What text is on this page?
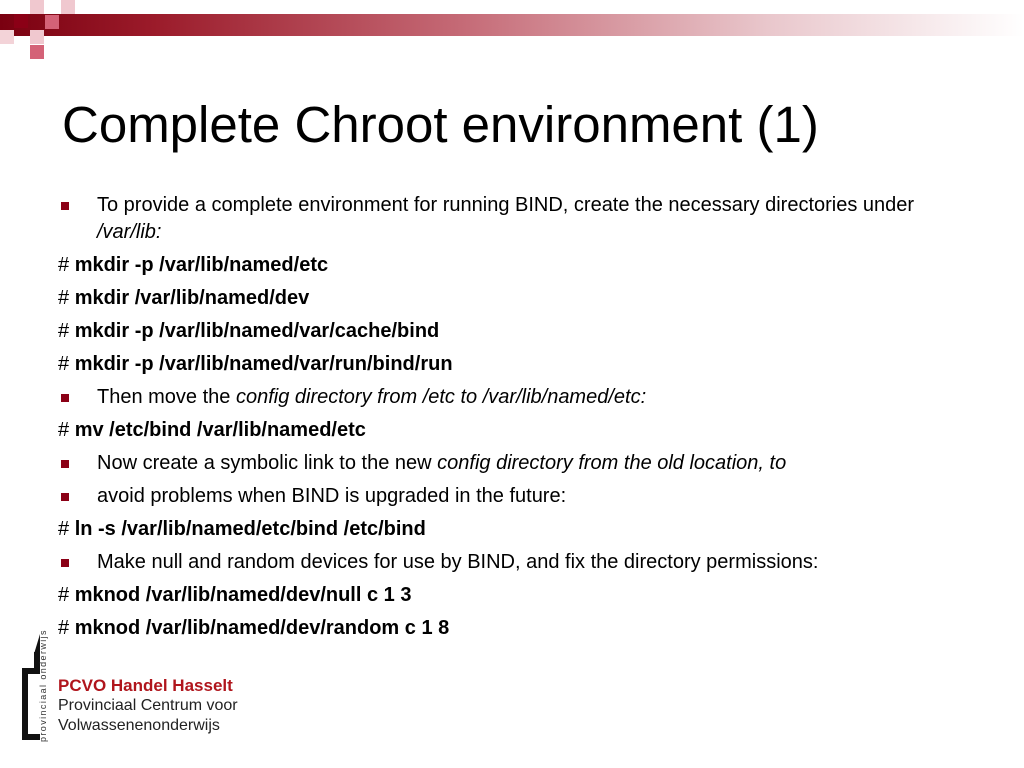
Complete Chroot environment (1)
To provide a complete environment for running BIND, create the necessary directories under /var/lib:
# mkdir -p /var/lib/named/etc
# mkdir /var/lib/named/dev
# mkdir -p /var/lib/named/var/cache/bind
# mkdir -p /var/lib/named/var/run/bind/run
Then move the config directory from /etc to /var/lib/named/etc:
# mv /etc/bind /var/lib/named/etc
Now create a symbolic link to the new config directory from the old location, to
avoid problems when BIND is upgraded in the future:
# ln -s /var/lib/named/etc/bind /etc/bind
Make null and random devices for use by BIND, and fix the directory permissions:
# mknod /var/lib/named/dev/null c 1 3
# mknod /var/lib/named/dev/random c 1 8
provinciaal onderwijs PCVO Handel Hasselt
Provinciaal Centrum voor
Volwassenenonderwijs
